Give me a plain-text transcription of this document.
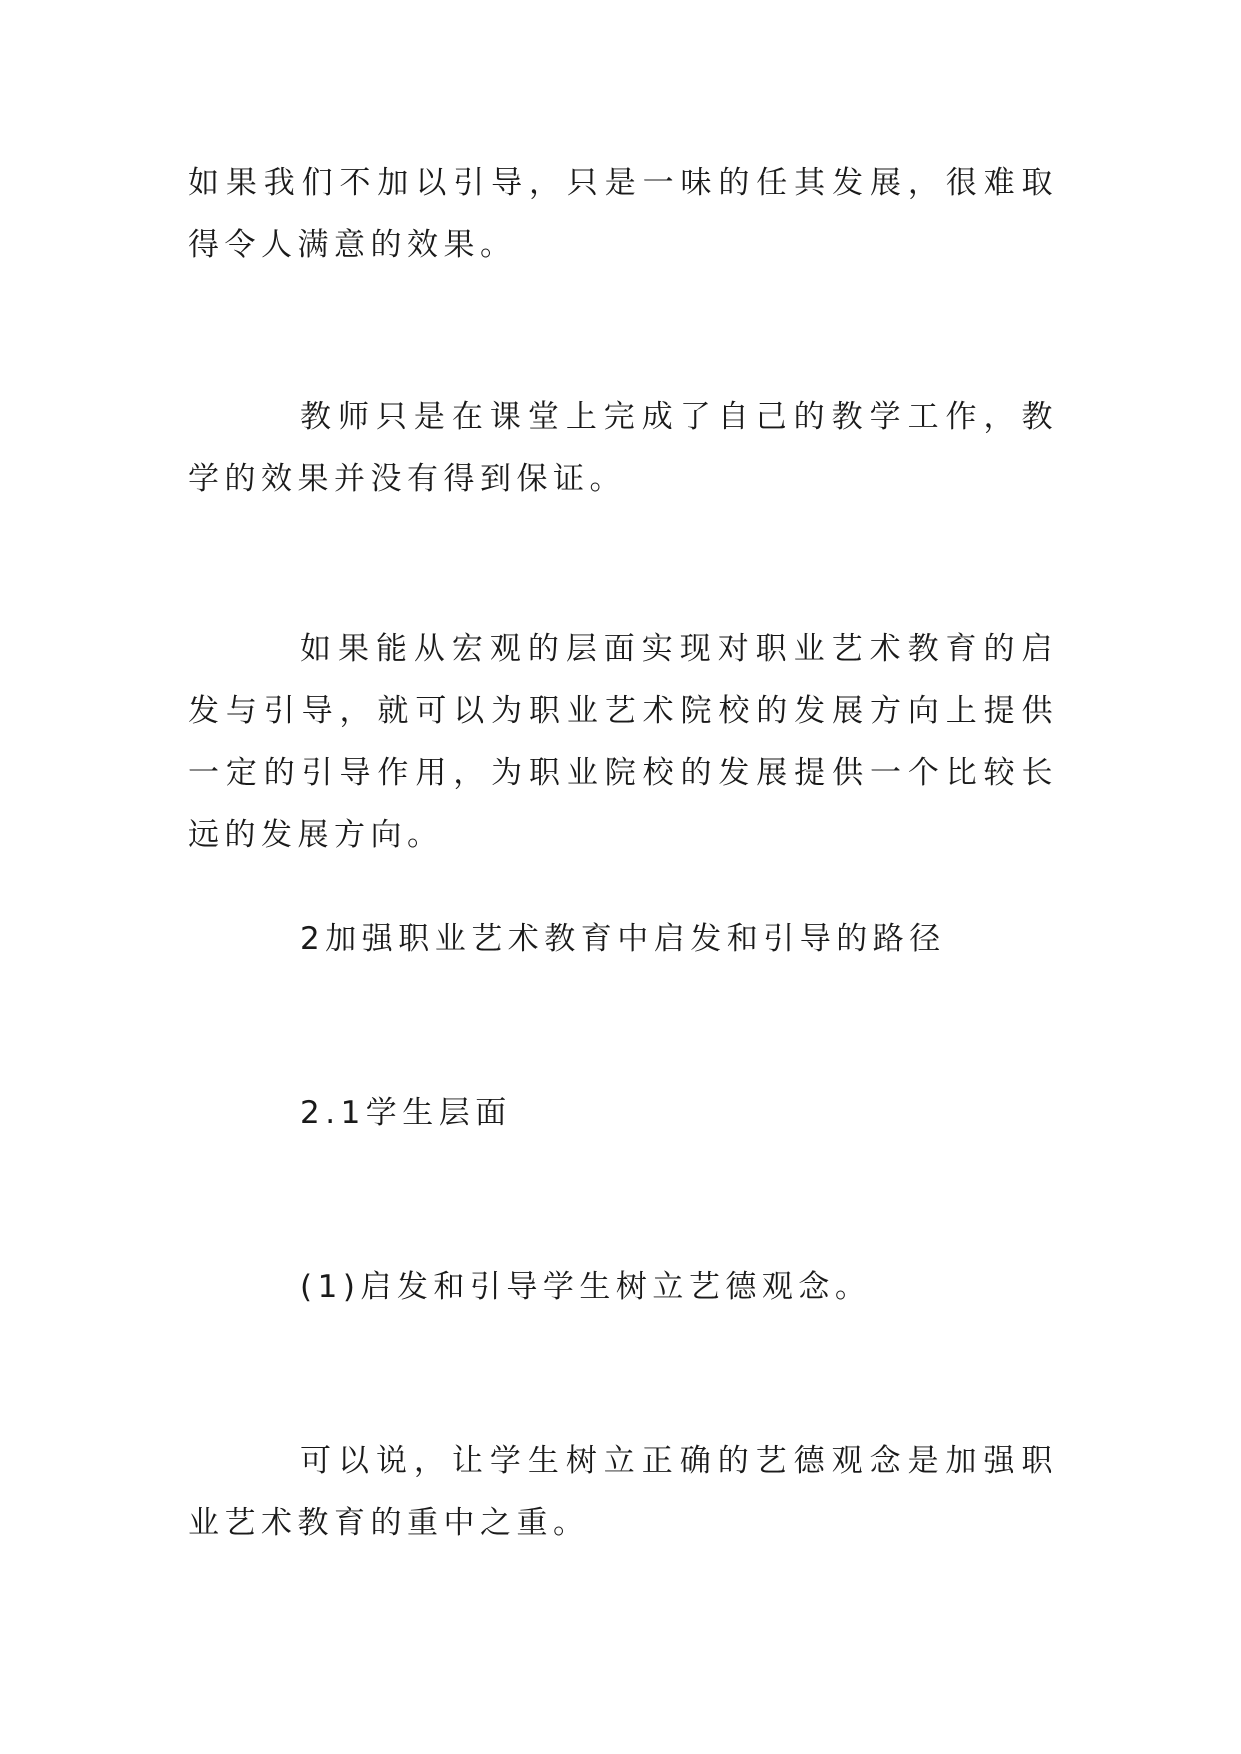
如果我们不加以引导，只是一味的任其发展，很难取得令人满意的效果。

教师只是在课堂上完成了自己的教学工作，教学的效果并没有得到保证。

如果能从宏观的层面实现对职业艺术教育的启发与引导，就可以为职业艺术院校的发展方向上提供一定的引导作用，为职业院校的发展提供一个比较长远的发展方向。

2加强职业艺术教育中启发和引导的路径

2.1学生层面

(1)启发和引导学生树立艺德观念。

可以说，让学生树立正确的艺德观念是加强职业艺术教育的重中之重。
